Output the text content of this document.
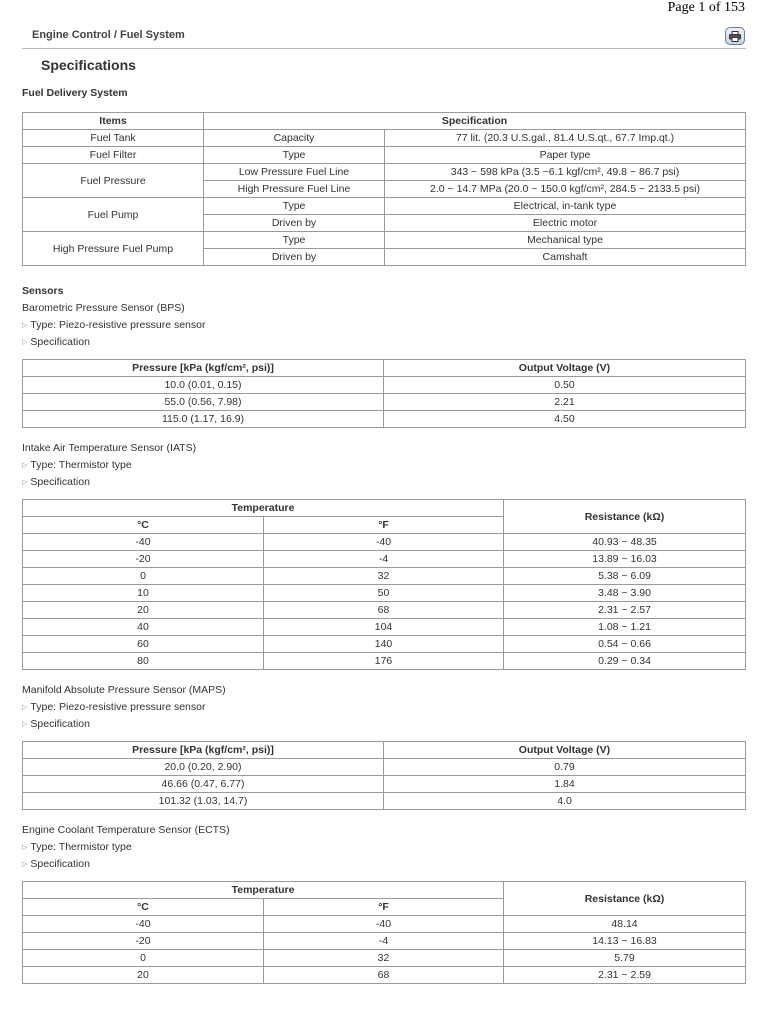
Page 1 of 153
Engine Control / Fuel System
Specifications
Fuel Delivery System
Items	Specification	
Fuel Tank	Capacity	77 lit. (20.3 U.S.gal., 81.4 U.S.qt., 67.7 Imp.qt.)
Fuel Filter	Type	Paper type
Fuel Pressure	Low Pressure Fuel Line	343 ~ 598 kPa (3.5 ~6.1 kgf/cm², 49.8 ~ 86.7 psi)
	High Pressure Fuel Line	2.0 ~ 14.7 MPa (20.0 ~ 150.0 kgf/cm², 284.5 ~ 2133.5 psi)
Fuel Pump	Type	Electrical, in-tank type
	Driven by	Electric motor
High Pressure Fuel Pump	Type	Mechanical type
	Driven by	Camshaft
Sensors
Barometric Pressure Sensor (BPS)
▷ Type: Piezo-resistive pressure sensor
▷ Specification
Pressure [kPa (kgf/cm², psi)]	Output Voltage (V)
10.0 (0.01, 0.15)	0.50
55.0 (0.56, 7.98)	2.21
115.0 (1.17, 16.9)	4.50
Intake Air Temperature Sensor (IATS)
▷ Type: Thermistor type
▷ Specification
Temperature		Resistance (kΩ)
°C	°F	
-40	-40	40.93 ~ 48.35
-20	-4	13.89 ~ 16.03
0	32	5.38 ~ 6.09
10	50	3.48 ~ 3.90
20	68	2.31 ~ 2.57
40	104	1.08 ~ 1.21
60	140	0.54 ~ 0.66
80	176	0.29 ~ 0.34
Manifold Absolute Pressure Sensor (MAPS)
▷ Type: Piezo-resistive pressure sensor
▷ Specification
Pressure [kPa (kgf/cm², psi)]	Output Voltage (V)
20.0 (0.20, 2.90)	0.79
46.66 (0.47, 6.77)	1.84
101.32 (1.03, 14.7)	4.0
Engine Coolant Temperature Sensor (ECTS)
▷ Type: Thermistor type
▷ Specification
Temperature		Resistance (kΩ)
°C	°F	
-40	-40	48.14
-20	-4	14.13 ~ 16.83
0	32	5.79
20	68	2.31 ~ 2.59
